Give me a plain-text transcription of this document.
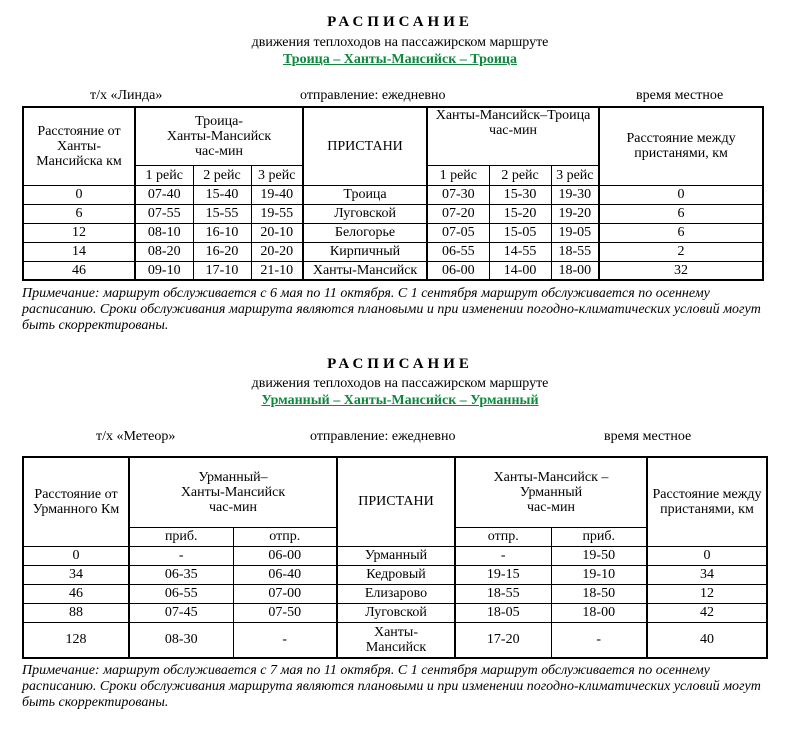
РАСПИСАНИЕ
движения теплоходов на пассажирском маршруте
Троица – Ханты-Мансийск – Троица
т/х «Линда»	отправление: ежедневно	время местное
Расстояние от Ханты-Мансийска км	Троица-
Ханты-Мансийск
час-мин			ПРИСТАНИ	Ханты-Мансийск–Троица
час-мин			Расстояние между пристанями, км
	1 рейс	2 рейс	3 рейс		1 рейс	2 рейс	3 рейс	
0	07-40	15-40	19-40	Троица	07-30	15-30	19-30	0
6	07-55	15-55	19-55	Луговской	07-20	15-20	19-20	6
12	08-10	16-10	20-10	Белогорье	07-05	15-05	19-05	6
14	08-20	16-20	20-20	Кирпичный	06-55	14-55	18-55	2
46	09-10	17-10	21-10	Ханты-Мансийск	06-00	14-00	18-00	32
Примечание: маршрут обслуживается с 6 мая по 11 октября. С 1 сентября маршрут обслуживается по осеннему расписанию. Сроки обслуживания маршрута являются плановыми и при изменении погодно-климатических условий могут быть скорректированы.
РАСПИСАНИЕ
движения теплоходов на пассажирском маршруте
Урманный – Ханты-Мансийск – Урманный
т/х «Метеор»	отправление: ежедневно	время местное
Расстояние от Урманного Км	Урманный–
Ханты-Мансийск
час-мин		ПРИСТАНИ	Ханты-Мансийск –
Урманный
час-мин		Расстояние между пристанями, км
	приб.	отпр.		отпр.	приб.	
0	-	06-00	Урманный	-	19-50	0
34	06-35	06-40	Кедровый	19-15	19-10	34
46	06-55	07-00	Елизарово	18-55	18-50	12
88	07-45	07-50	Луговской	18-05	18-00	42
128	08-30	-	Ханты-
Мансийск	17-20	-	40
Примечание: маршрут обслуживается с 7 мая по 11 октября. С 1 сентября маршрут обслуживается по осеннему расписанию. Сроки обслуживания маршрута являются плановыми и при изменении погодно-климатических условий могут быть скорректированы.
